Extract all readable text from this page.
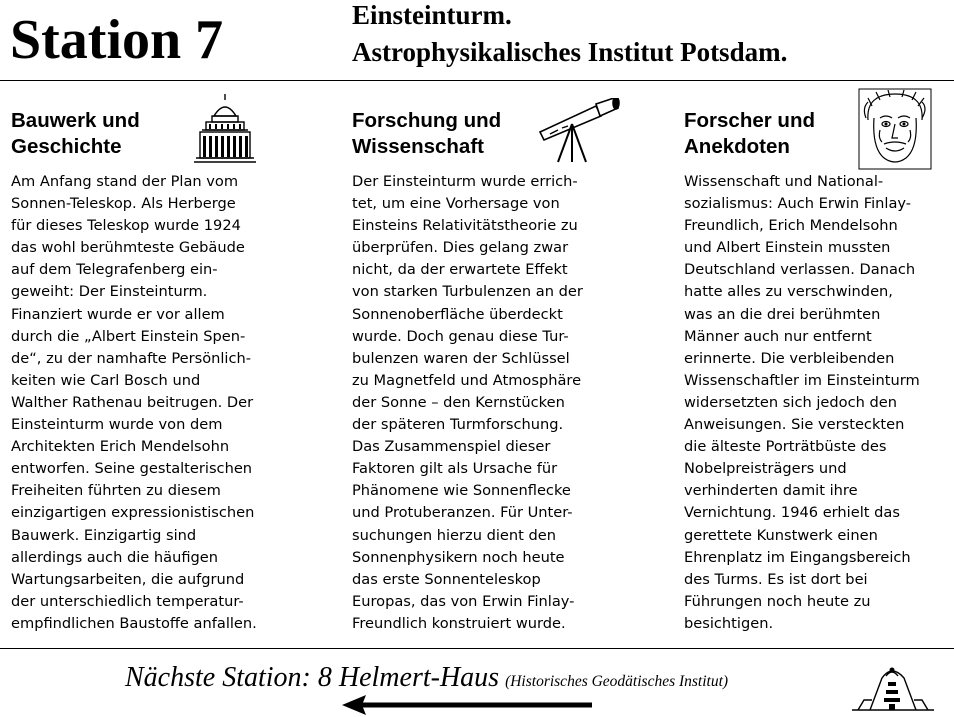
Station 7	Einsteinturm.
Astrophysikalisches Institut Potsdam.
Bauwerk und
Geschichte
Am Anfang stand der Plan vom
Sonnen-Teleskop. Als Herberge
für dieses Teleskop wurde 1924
das wohl berühmteste Gebäude
auf dem Telegrafenberg ein-
geweiht: Der Einsteinturm.
Finanziert wurde er vor allem
durch die „Albert Einstein Spen-
de“, zu der namhafte Persönlich-
keiten wie Carl Bosch und
Walther Rathenau beitrugen. Der
Einsteinturm wurde von dem
Architekten Erich Mendelsohn
entworfen. Seine gestalterischen
Freiheiten führten zu diesem
einzigartigen expressionistischen
Bauwerk. Einzigartig sind
allerdings auch die häufigen
Wartungsarbeiten, die aufgrund
der unterschiedlich temperatur-
empfindlichen Baustoffe anfallen.
Forschung und
Wissenschaft
Der Einsteinturm wurde errich-
tet, um eine Vorhersage von
Einsteins Relativitätstheorie zu
überprüfen. Dies gelang zwar
nicht, da der erwartete Effekt
von starken Turbulenzen an der
Sonnenoberfläche überdeckt
wurde. Doch genau diese Tur-
bulenzen waren der Schlüssel
zu Magnetfeld und Atmosphäre
der Sonne – den Kernstücken
der späteren Turmforschung.
Das Zusammenspiel dieser
Faktoren gilt als Ursache für
Phänomene wie Sonnenflecke
und Protuberanzen. Für Unter-
suchungen hierzu dient den
Sonnenphysikern noch heute
das erste Sonnenteleskop
Europas, das von Erwin Finlay-
Freundlich konstruiert wurde.
Forscher und
Anekdoten
Wissenschaft und National-
sozialismus: Auch Erwin Finlay-
Freundlich, Erich Mendelsohn
und Albert Einstein mussten
Deutschland verlassen. Danach
hatte alles zu verschwinden,
was an die drei berühmten
Männer auch nur entfernt
erinnerte. Die verbleibenden
Wissenschaftler im Einsteinturm
widersetzten sich jedoch den
Anweisungen. Sie versteckten
die älteste Porträtbüste des
Nobelpreisträgers und
verhinderten damit ihre
Vernichtung. 1946 erhielt das
gerettete Kunstwerk einen
Ehrenplatz im Eingangsbereich
des Turms. Es ist dort bei
Führungen noch heute zu
besichtigen.
Nächste Station: 8 Helmert-Haus (Historisches Geodätisches Institut)
